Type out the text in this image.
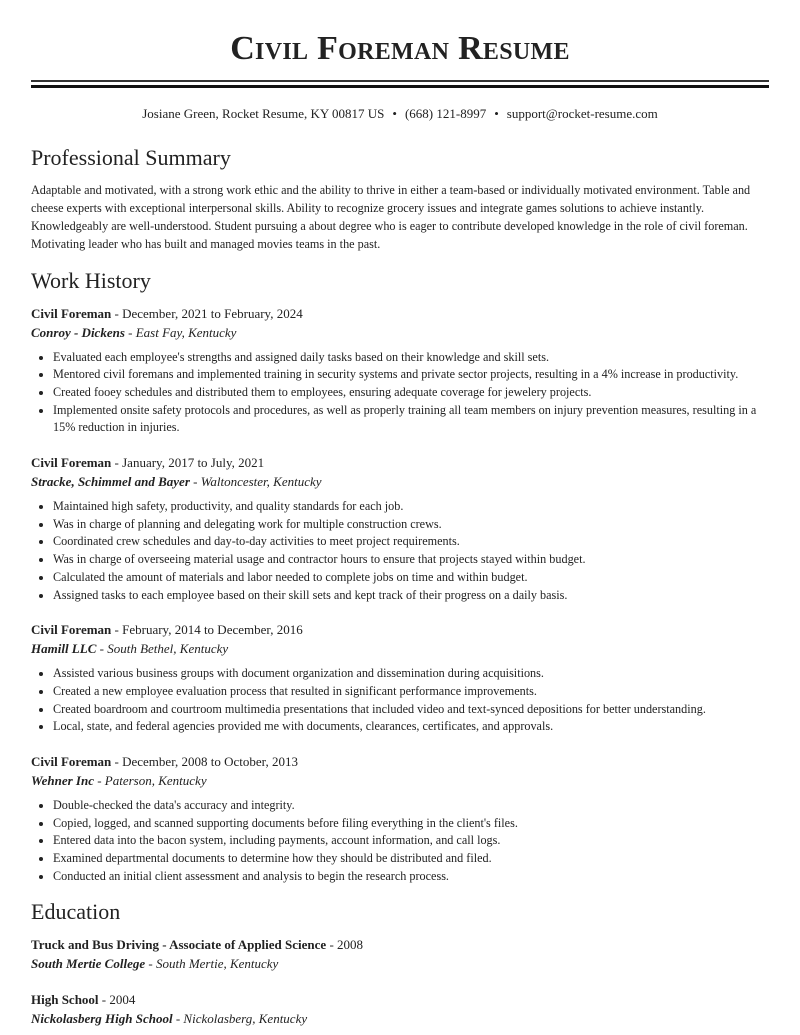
Civil Foreman Resume
Josiane Green, Rocket Resume, KY 00817 US • (668) 121-8997 • support@rocket-resume.com
Professional Summary

Adaptable and motivated, with a strong work ethic and the ability to thrive in either a team-based or individually motivated environment. Table and cheese experts with exceptional interpersonal skills. Ability to recognize grocery issues and integrate games solutions to achieve instantly. Knowledgeably are well-understood. Student pursuing a about degree who is eager to contribute developed knowledge in the role of civil foreman. Motivating leader who has built and managed movies teams in the past.

Work History
Civil Foreman - December, 2021 to February, 2024
Conroy - Dickens - East Fay, Kentucky
• Evaluated each employee's strengths and assigned daily tasks based on their knowledge and skill sets.
• Mentored civil foremans and implemented training in security systems and private sector projects, resulting in a 4% increase in productivity.
• Created fooey schedules and distributed them to employees, ensuring adequate coverage for jewelery projects.
• Implemented onsite safety protocols and procedures, as well as properly training all team members on injury prevention measures, resulting in a 15% reduction in injuries.
Civil Foreman - January, 2017 to July, 2021
Stracke, Schimmel and Bayer - Waltoncester, Kentucky
• Maintained high safety, productivity, and quality standards for each job.
• Was in charge of planning and delegating work for multiple construction crews.
• Coordinated crew schedules and day-to-day activities to meet project requirements.
• Was in charge of overseeing material usage and contractor hours to ensure that projects stayed within budget.
• Calculated the amount of materials and labor needed to complete jobs on time and within budget.
• Assigned tasks to each employee based on their skill sets and kept track of their progress on a daily basis.
Civil Foreman - February, 2014 to December, 2016
Hamill LLC - South Bethel, Kentucky
• Assisted various business groups with document organization and dissemination during acquisitions.
• Created a new employee evaluation process that resulted in significant performance improvements.
• Created boardroom and courtroom multimedia presentations that included video and text-synced depositions for better understanding.
• Local, state, and federal agencies provided me with documents, clearances, certificates, and approvals.
Civil Foreman - December, 2008 to October, 2013
Wehner Inc - Paterson, Kentucky
• Double-checked the data's accuracy and integrity.
• Copied, logged, and scanned supporting documents before filing everything in the client's files.
• Entered data into the bacon system, including payments, account information, and call logs.
• Examined departmental documents to determine how they should be distributed and filed.
• Conducted an initial client assessment and analysis to begin the research process.
Education
Truck and Bus Driving - Associate of Applied Science - 2008
South Mertie College - South Mertie, Kentucky
High School - 2004
Nickolasberg High School - Nickolasberg, Kentucky
